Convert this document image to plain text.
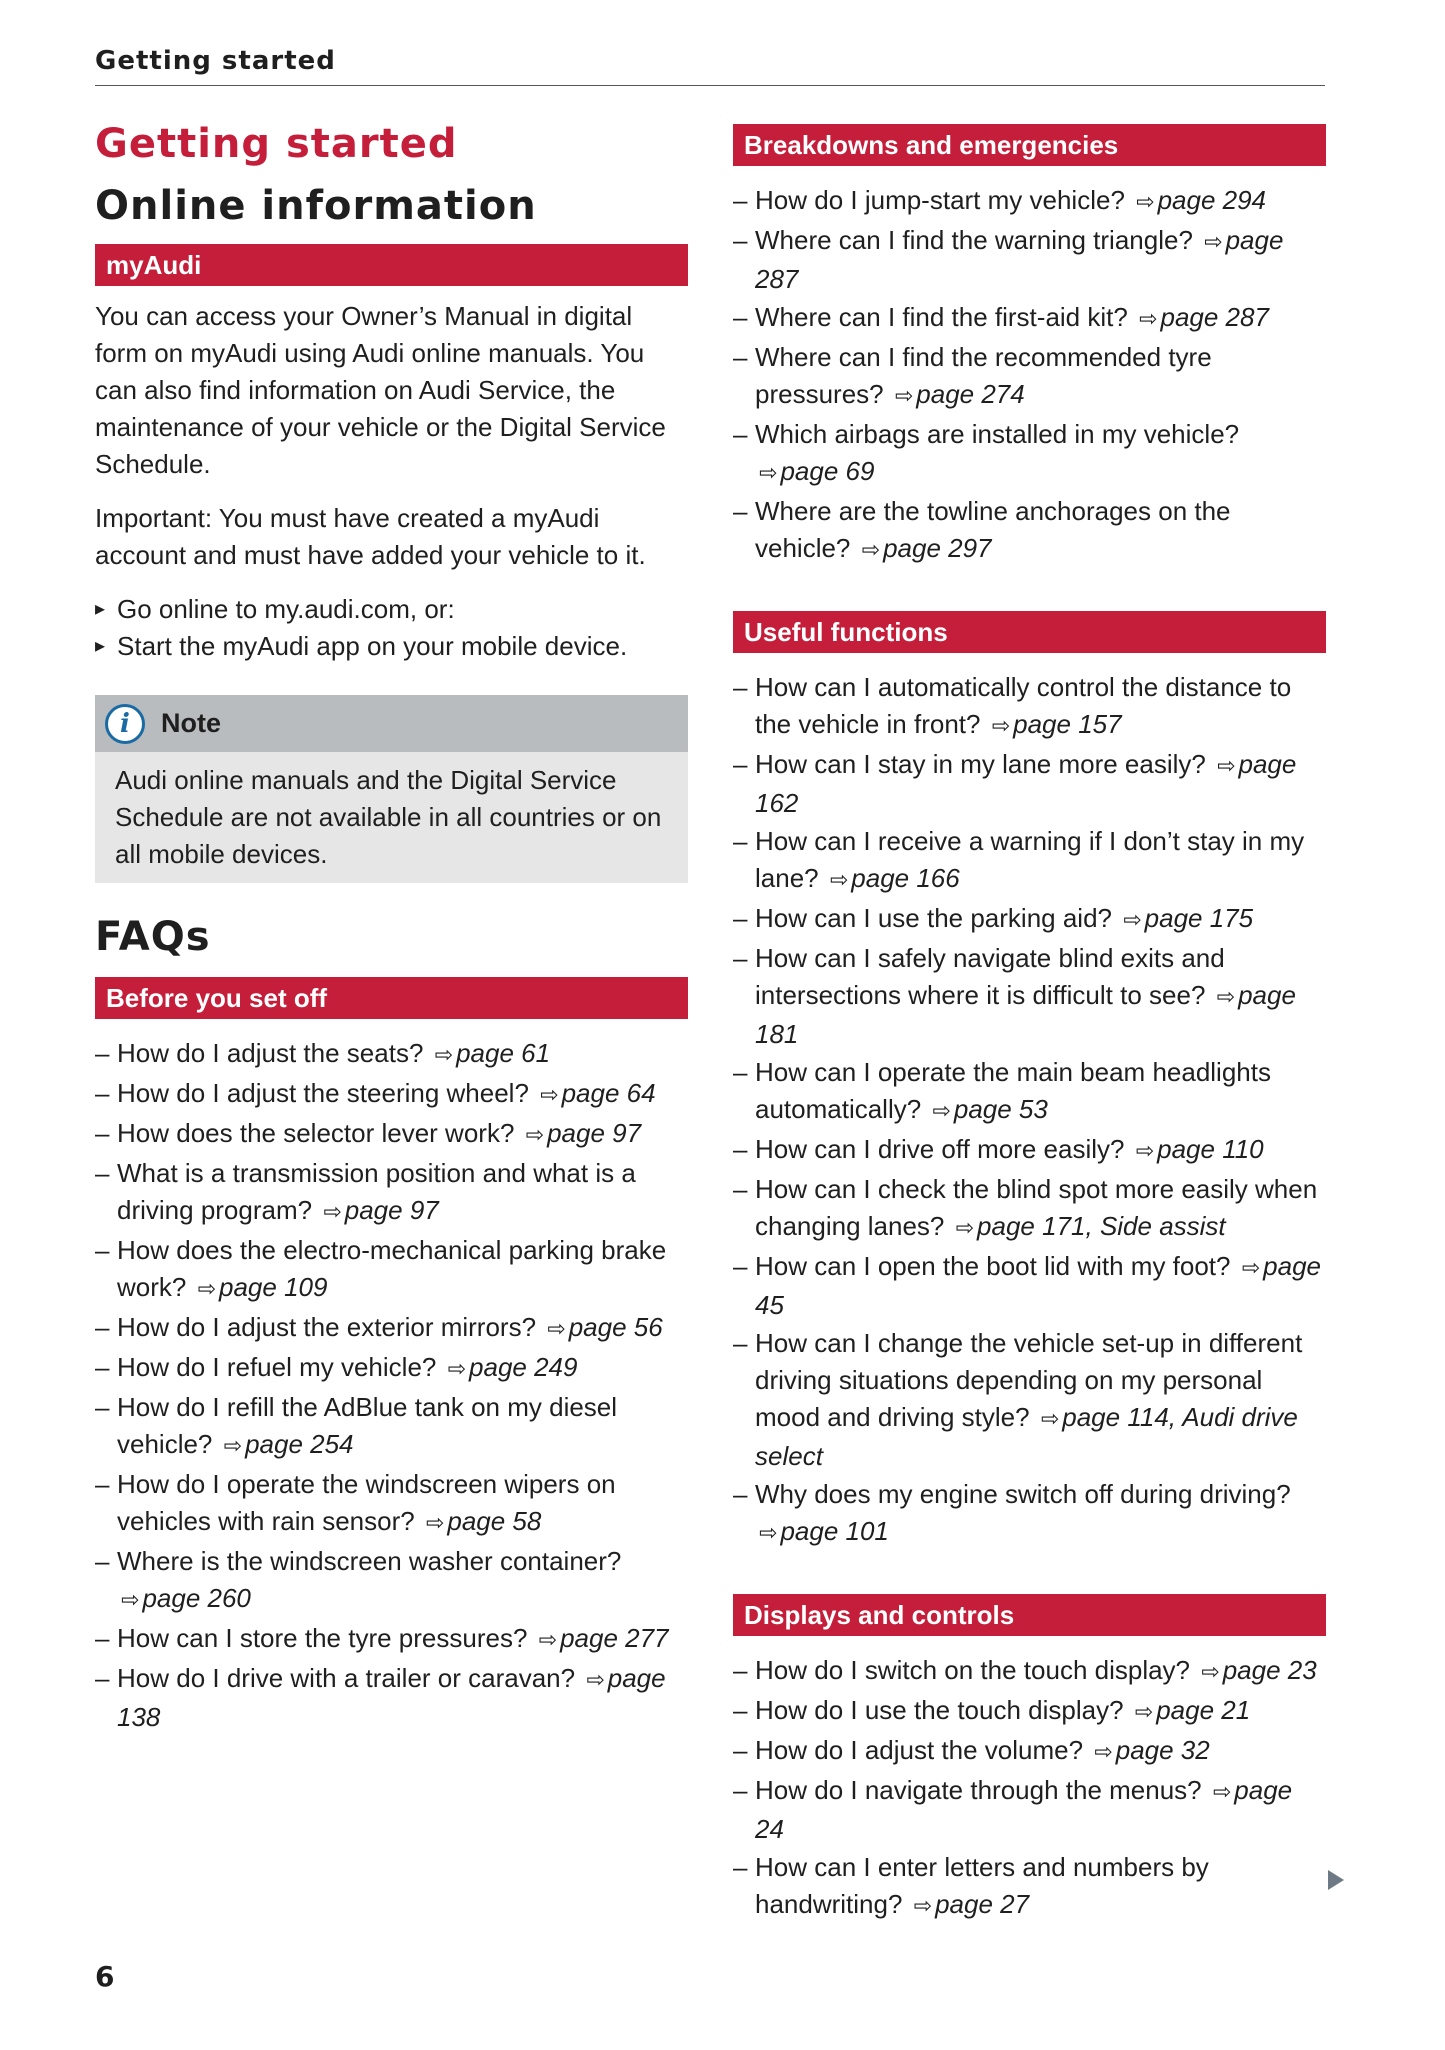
Getting started
Getting started
Online information
myAudi

You can access your Owner’s Manual in digital form on myAudi using Audi online manuals. You can also find information on Audi Service, the maintenance of your vehicle or the Digital Service Schedule.

Important: You must have created a myAudi account and must have added your vehicle to it.

▸ Go online to my.audi.com, or:
▸ Start the myAudi app on your mobile device.
i	Note

Audi online manuals and the Digital Service Schedule are not available in all countries or on all mobile devices.

FAQs
Before you set off
– How do I adjust the seats? ⇨ page 61
– How do I adjust the steering wheel? ⇨ page 64
– How does the selector lever work? ⇨ page 97
– What is a transmission position and what is a driving program? ⇨ page 97
– How does the electro-mechanical parking brake work? ⇨ page 109
– How do I adjust the exterior mirrors? ⇨ page 56
– How do I refuel my vehicle? ⇨ page 249
– How do I refill the AdBlue tank on my diesel vehicle? ⇨ page 254
– How do I operate the windscreen wipers on vehicles with rain sensor? ⇨ page 58
– Where is the windscreen washer container? ⇨ page 260
– How can I store the tyre pressures? ⇨ page 277
– How do I drive with a trailer or caravan? ⇨ page 138
Breakdowns and emergencies
– How do I jump-start my vehicle? ⇨ page 294
– Where can I find the warning triangle? ⇨ page 287
– Where can I find the first-aid kit? ⇨ page 287
– Where can I find the recommended tyre pressures? ⇨ page 274
– Which airbags are installed in my vehicle? ⇨ page 69
– Where are the towline anchorages on the vehicle? ⇨ page 297
Useful functions
– How can I automatically control the distance to the vehicle in front? ⇨ page 157
– How can I stay in my lane more easily? ⇨ page 162
– How can I receive a warning if I don’t stay in my lane? ⇨ page 166
– How can I use the parking aid? ⇨ page 175
– How can I safely navigate blind exits and intersections where it is difficult to see? ⇨ page 181
– How can I operate the main beam headlights automatically? ⇨ page 53
– How can I drive off more easily? ⇨ page 110
– How can I check the blind spot more easily when changing lanes? ⇨ page 171, Side assist
– How can I open the boot lid with my foot? ⇨ page 45
– How can I change the vehicle set-up in different driving situations depending on my personal mood and driving style? ⇨ page 114, Audi drive select
– Why does my engine switch off during driving? ⇨ page 101
Displays and controls
– How do I switch on the touch display? ⇨ page 23
– How do I use the touch display? ⇨ page 21
– How do I adjust the volume? ⇨ page 32
– How do I navigate through the menus? ⇨ page 24
– How can I enter letters and numbers by handwriting? ⇨ page 27
6
